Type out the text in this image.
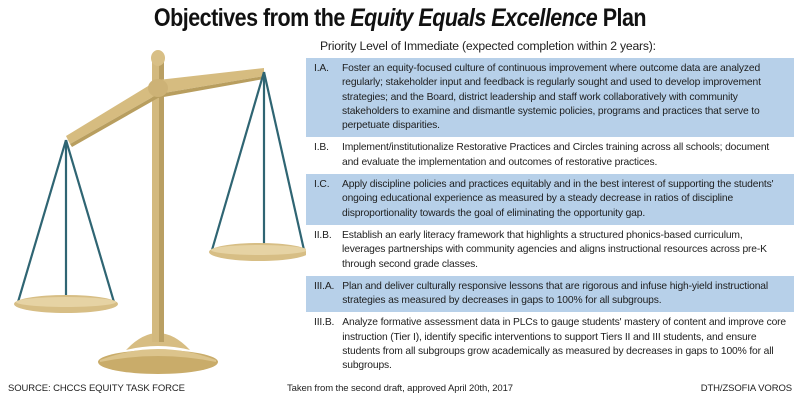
Objectives from the Equity Equals Excellence Plan
Priority Level of Immediate (expected completion within 2 years):
I.A.	Foster an equity-focused culture of continuous improvement where outcome data are analyzed regularly; stakeholder input and feedback is regularly sought and used to develop improvement strategies; and the Board, district leadership and staff work collaboratively with community stakeholders to examine and dismantle systemic policies, programs and practices that serve to perpetuate disparities.
I.B.	Implement/institutionalize Restorative Practices and Circles training across all schools; document and evaluate the implementation and outcomes of restorative practices.
I.C.	Apply discipline policies and practices equitably and in the best interest of supporting the students' ongoing educational experience as measured by a steady decrease in ratios of discipline disproportionality towards the goal of eliminating the opportunity gap.
II.B. Establish an early literacy framework that highlights a structured phonics-based curriculum, leverages partnerships with community agencies and aligns instructional resources across pre-K through second grade classes.
III.A. Plan and deliver culturally responsive lessons that are rigorous and infuse high-yield instructional strategies as measured by decreases in gaps to 100% for all subgroups.
III.B. Analyze formative assessment data in PLCs to gauge students' mastery of content and improve core instruction (Tier I), identify specific interventions to support Tiers II and III students, and ensure students from all subgroups grow academically as measured by decreases in gaps to 100% for all subgroups.
SOURCE: CHCCS EQUITY TASK FORCE	Taken from the second draft, approved April 20th, 2017	DTH/ZSOFIA VOROS
